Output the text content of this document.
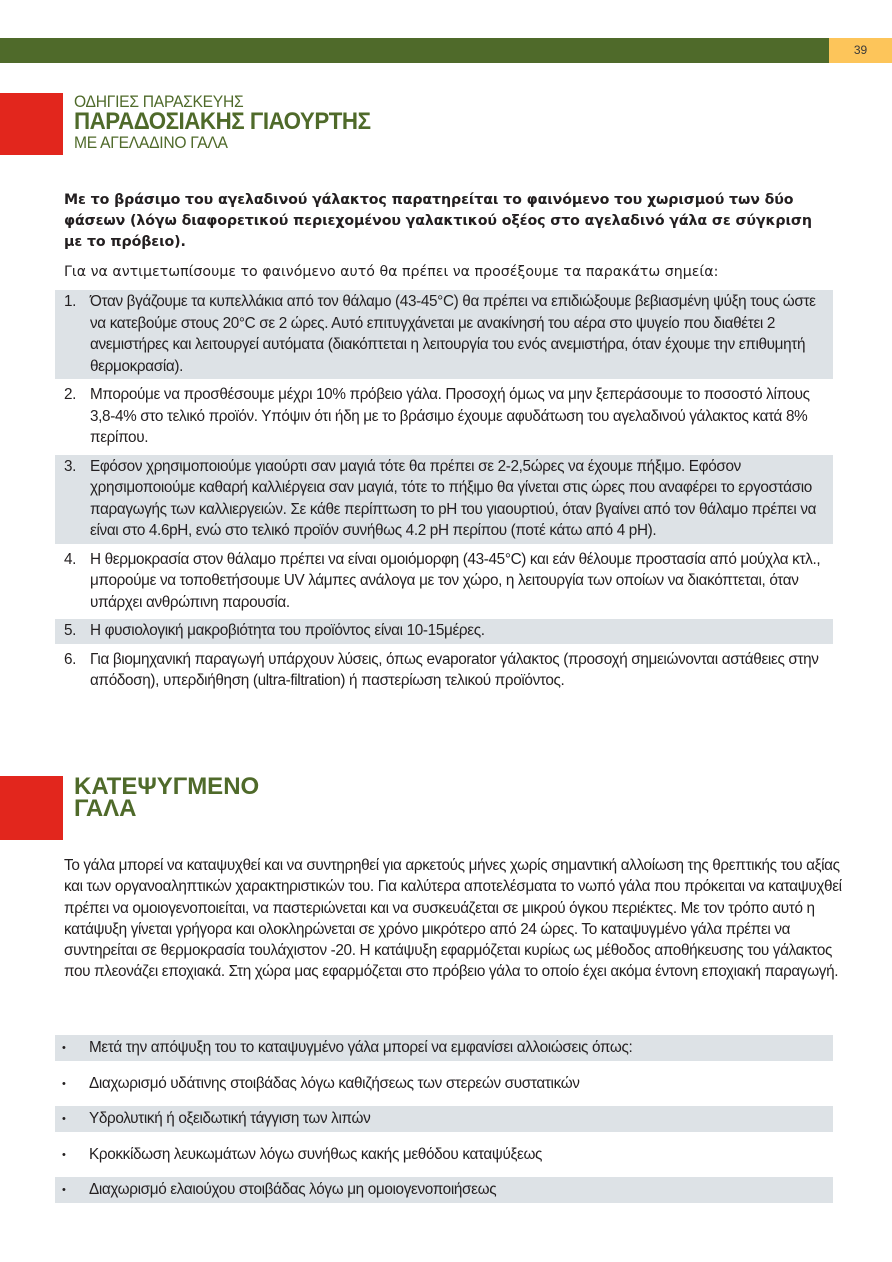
39
ΟΔΗΓΙΕΣ ΠΑΡΑΣΚΕΥΗΣ
ΠΑΡΑΔΟΣΙΑΚΗΣ ΓΙΑΟΥΡΤΗΣ
ΜΕ ΑΓΕΛΑΔΙΝΟ ΓΑΛΑ
Με το βράσιμο του αγελαδινού γάλακτος παρατηρείται το φαινόμενο του χωρισμού των δύο φάσεων (λόγω διαφορετικού περιεχομένου γαλακτικού οξέος στο αγελαδινό γάλα σε σύγκριση με το πρόβειο).
Για να αντιμετωπίσουμε το φαινόμενο αυτό θα πρέπει να προσέξουμε τα παρακάτω σημεία:
1. Όταν βγάζουμε τα κυπελλάκια από τον θάλαμο (43-45°C) θα πρέπει να επιδιώξουμε βεβιασμένη ψύξη τους ώστε να κατεβούμε στους 20°C σε 2 ώρες. Αυτό επιτυγχάνεται με ανακίνησή του αέρα στο ψυγείο που διαθέτει 2 ανεμιστήρες και λειτουργεί αυτόματα (διακόπτεται η λειτουργία του ενός ανεμιστήρα, όταν έχουμε την επιθυμητή θερμοκρασία).
2. Μπορούμε να προσθέσουμε μέχρι 10% πρόβειο γάλα. Προσοχή όμως να μην ξεπεράσουμε το ποσοστό λίπους 3,8-4% στο τελικό προϊόν. Υπόψιν ότι ήδη με το βράσιμο έχουμε αφυδάτωση του αγελαδινού γάλακτος κατά 8% περίπου.
3. Εφόσον χρησιμοποιούμε γιαούρτι σαν μαγιά τότε θα πρέπει σε 2-2,5ώρες να έχουμε πήξιμο. Εφόσον χρησιμοποιούμε καθαρή καλλιέργεια σαν μαγιά, τότε το πήξιμο θα γίνεται στις ώρες που αναφέρει το εργοστάσιο παραγωγής των καλλιεργειών. Σε κάθε περίπτωση το pH του γιαουρτιού, όταν βγαίνει από τον θάλαμο πρέπει να είναι στο 4.6pH, ενώ στο τελικό προϊόν συνήθως 4.2 pH περίπου (ποτέ κάτω από 4 pH).
4. Η θερμοκρασία στον θάλαμο πρέπει να είναι ομοιόμορφη (43-45°C) και εάν θέλουμε προστασία από μούχλα κτλ., μπορούμε να τοποθετήσουμε UV λάμπες ανάλογα με τον χώρο, η λειτουργία των οποίων να διακόπτεται, όταν υπάρχει ανθρώπινη παρουσία.
5. Η φυσιολογική μακροβιότητα του προϊόντος είναι 10-15μέρες.
6. Για βιομηχανική παραγωγή υπάρχουν λύσεις, όπως evaporator γάλακτος (προσοχή σημειώνονται αστάθειες στην απόδοση), υπερδιήθηση (ultra-filtration) ή παστερίωση τελικού προϊόντος.
ΚΑΤΕΨΥΓΜΕΝΟ
ΓΑΛΑ
Το γάλα μπορεί να καταψυχθεί και να συντηρηθεί για αρκετούς μήνες χωρίς σημαντική αλλοίωση της θρεπτικής του αξίας και των οργανοαληπτικών χαρακτηριστικών του. Για καλύτερα αποτελέσματα το νωπό γάλα που πρόκειται να καταψυχθεί πρέπει να ομοιογενοποιείται, να παστεριώνεται και να συσκευάζεται σε μικρού όγκου περιέκτες. Με τον τρόπο αυτό η κατάψυξη γίνεται γρήγορα και ολοκληρώνεται σε χρόνο μικρότερο από 24 ώρες. Το καταψυγμένο γάλα πρέπει να συντηρείται σε θερμοκρασία τουλάχιστον -20. Η κατάψυξη εφαρμόζεται κυρίως ως μέθοδος αποθήκευσης του γάλακτος που πλεονάζει εποχιακά. Στη χώρα μας εφαρμόζεται στο πρόβειο γάλα το οποίο έχει ακόμα έντονη εποχιακή παραγωγή.
•	Μετά την απόψυξη του το καταψυγμένο γάλα μπορεί να εμφανίσει αλλοιώσεις όπως:
•	Διαχωρισμό υδάτινης στοιβάδας λόγω καθιζήσεως των στερεών συστατικών
•	Υδρολυτική ή οξειδωτική τάγγιση των λιπών
•	Κροκκίδωση λευκωμάτων λόγω συνήθως κακής μεθόδου καταψύξεως
•	Διαχωρισμό ελαιούχου στοιβάδας λόγω μη ομοιογενοποιήσεως
